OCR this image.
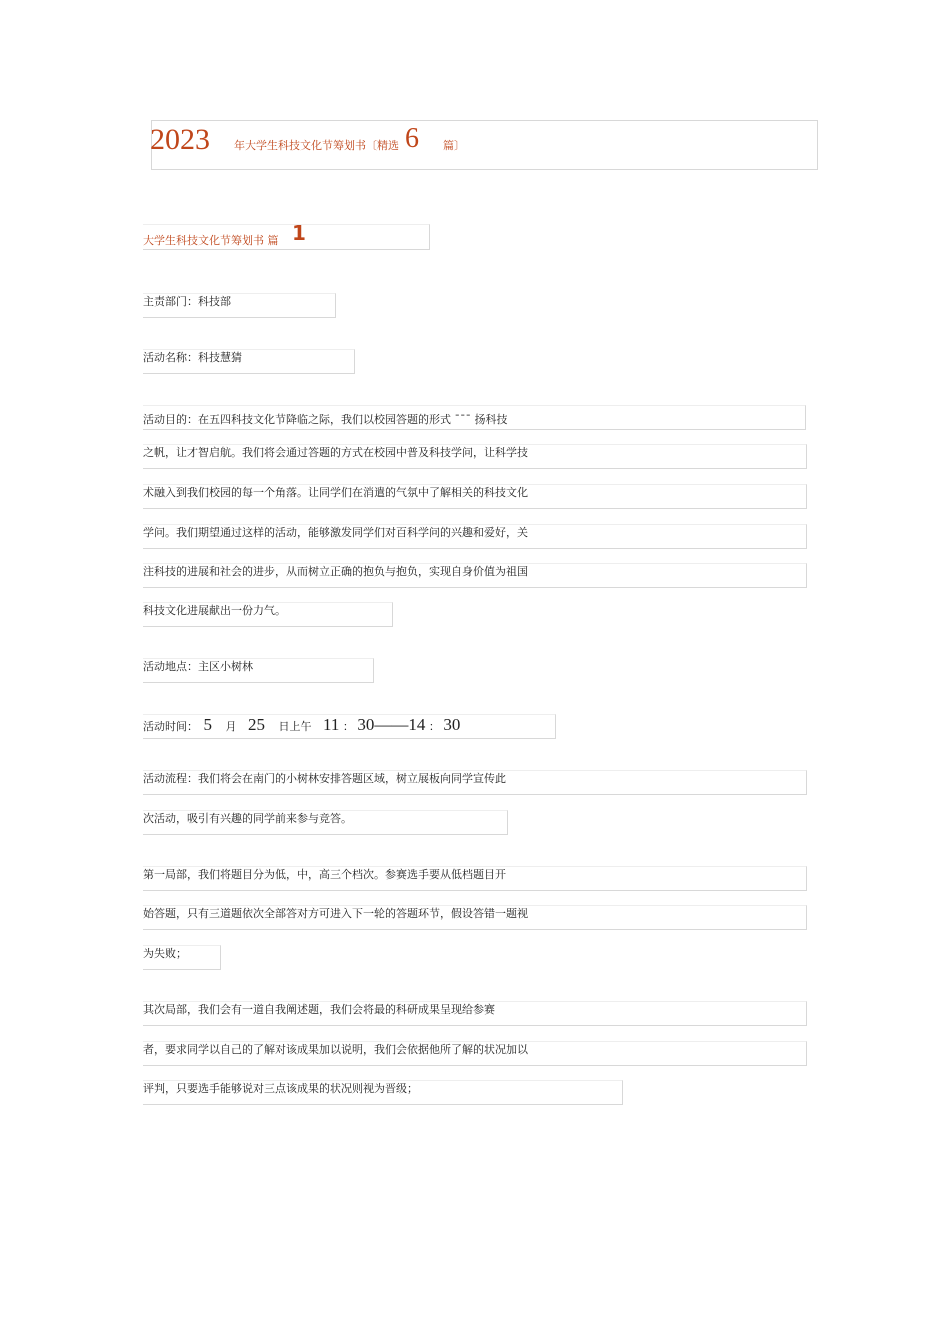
2023 年大学生科技文化节筹划书〔精选 6 篇〕
大学生科技文化节筹划书 篇 1
主责部门：科技部
活动名称：科技慧猜
活动目的：在五四科技文化节降临之际，我们以校园答题的形式 ¯¯¯ 扬科技
之帆，让才智启航。我们将会通过答题的方式在校园中普及科技学问，让科学技
术融入到我们校园的每一个角落。让同学们在消遣的气氛中了解相关的科技文化
学问。我们期望通过这样的活动，能够激发同学们对百科学问的兴趣和爱好，关
注科技的进展和社会的进步，从而树立正确的抱负与抱负，实现自身价值为祖国
科技文化进展献出一份力气。
活动地点：主区小树林
活动时间： 5 月 25 日上午 11 ： 30——14 ： 30
活动流程：我们将会在南门的小树林安排答题区域，树立展板向同学宣传此
次活动，吸引有兴趣的同学前来参与竞答。
第一局部，我们将题目分为低，中，高三个档次。参赛选手要从低档题目开
始答题，只有三道题依次全部答对方可进入下一轮的答题环节，假设答错一题视
为失败；
其次局部，我们会有一道自我阐述题，我们会将最的科研成果呈现给参赛
者，要求同学以自己的了解对该成果加以说明，我们会依据他所了解的状况加以
评判，只要选手能够说对三点该成果的状况则视为晋级；
